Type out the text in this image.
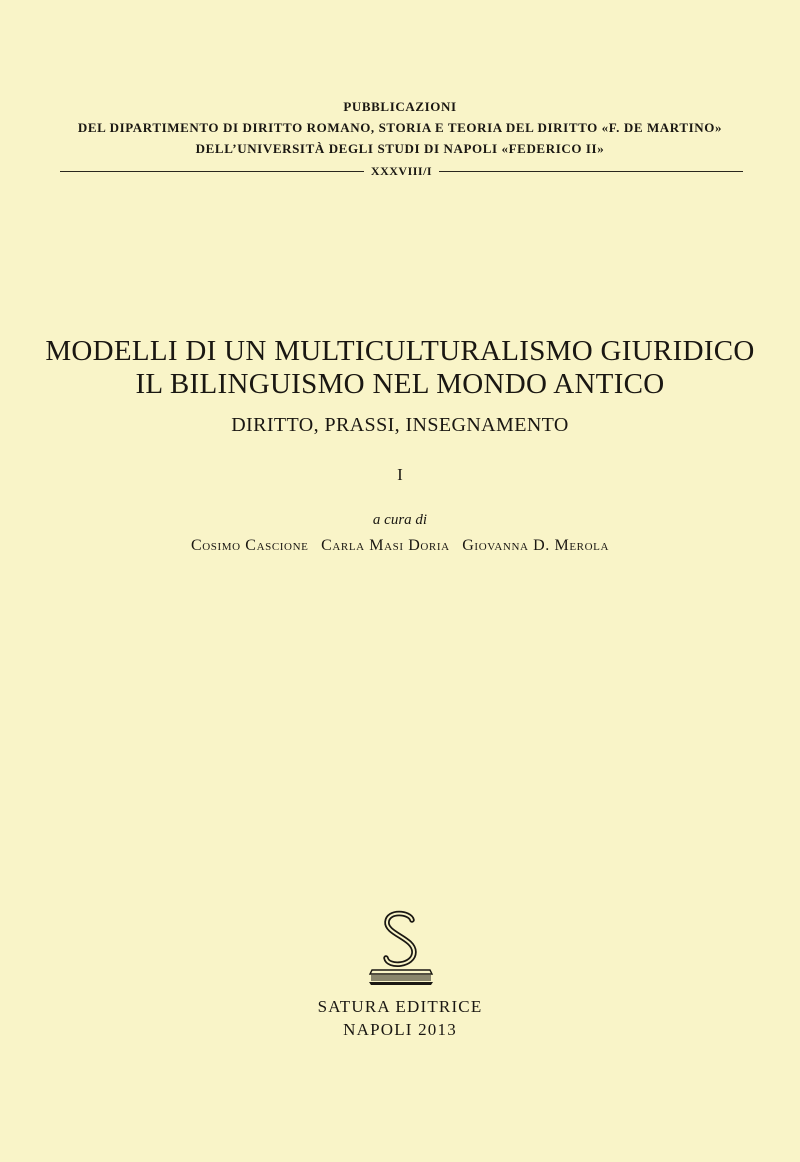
PUBBLICAZIONI
DEL DIPARTIMENTO DI DIRITTO ROMANO, STORIA E TEORIA DEL DIRITTO «F. DE MARTINO»
DELL’UNIVERSITÀ DEGLI STUDI DI NAPOLI «FEDERICO II»
XXXVIII/I
MODELLI DI UN MULTICULTURALISMO GIURIDICO
IL BILINGUISMO NEL MONDO ANTICO
DIRITTO, PRASSI, INSEGNAMENTO
I
a cura di
Cosimo Cascione Carla Masi Doria Giovanna D. Merola
SATURA EDITRICE
NAPOLI 2013
